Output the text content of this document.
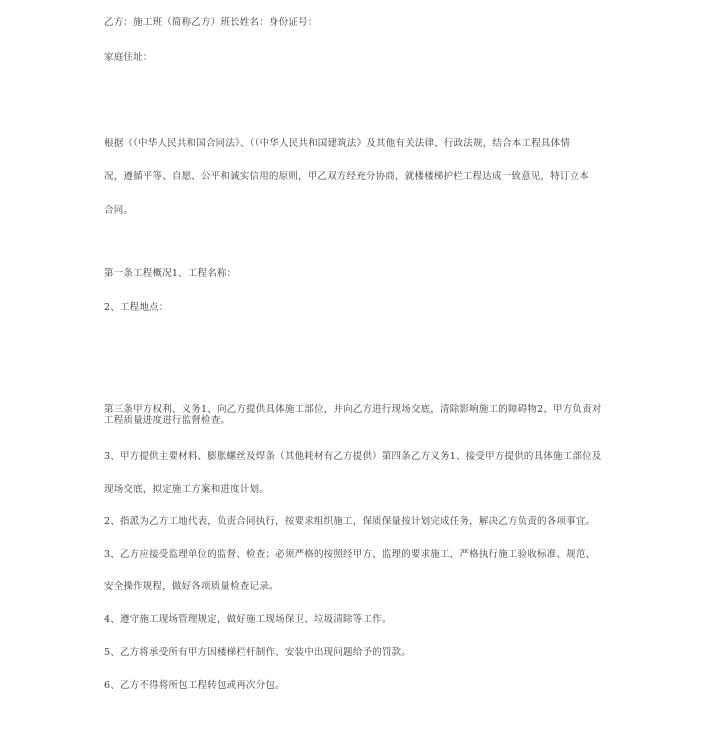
乙方：施工班（简称乙方）班长姓名：身份证号：
家庭住址：
根据（（中华人民共和国合同法》、（（中华人民共和国建筑法》及其他有关法律、行政法规，结合本工程具体情
况，遵循平等、自愿、公平和诚实信用的原则，甲乙双方经充分协商，就楼楼梯护栏工程达成一致意见，特订立本
合同。
第一条工程概况1、工程名称：
2、工程地点：
第三条甲方权利、义务1、向乙方提供具体施工部位，并向乙方进行现场交底，清除影响施工的障碍物2、甲方负责对工程质量进度进行监督检查。
3、甲方提供主要材料、膨胀螺丝及焊条（其他耗材有乙方提供）第四条乙方义务1、接受甲方提供的具体施工部位及
现场交底，拟定施工方案和进度计划。
2、指派为乙方工地代表，负责合同执行，按要求组织施工，保质保量按计划完成任务，解决乙方负责的各项事宜。
3、乙方应接受监理单位的监督、检查；必须严格的按照经甲方、监理的要求施工，严格执行施工验收标准、规范、
安全操作规程，做好各项质量检查记录。
4、遵守施工现场管理规定，做好施工现场保卫、垃圾清除等工作。
5、乙方将承受所有甲方因楼梯栏杆制作、安装中出现问题给予的罚款。
6、乙方不得将所包工程转包或再次分包。
